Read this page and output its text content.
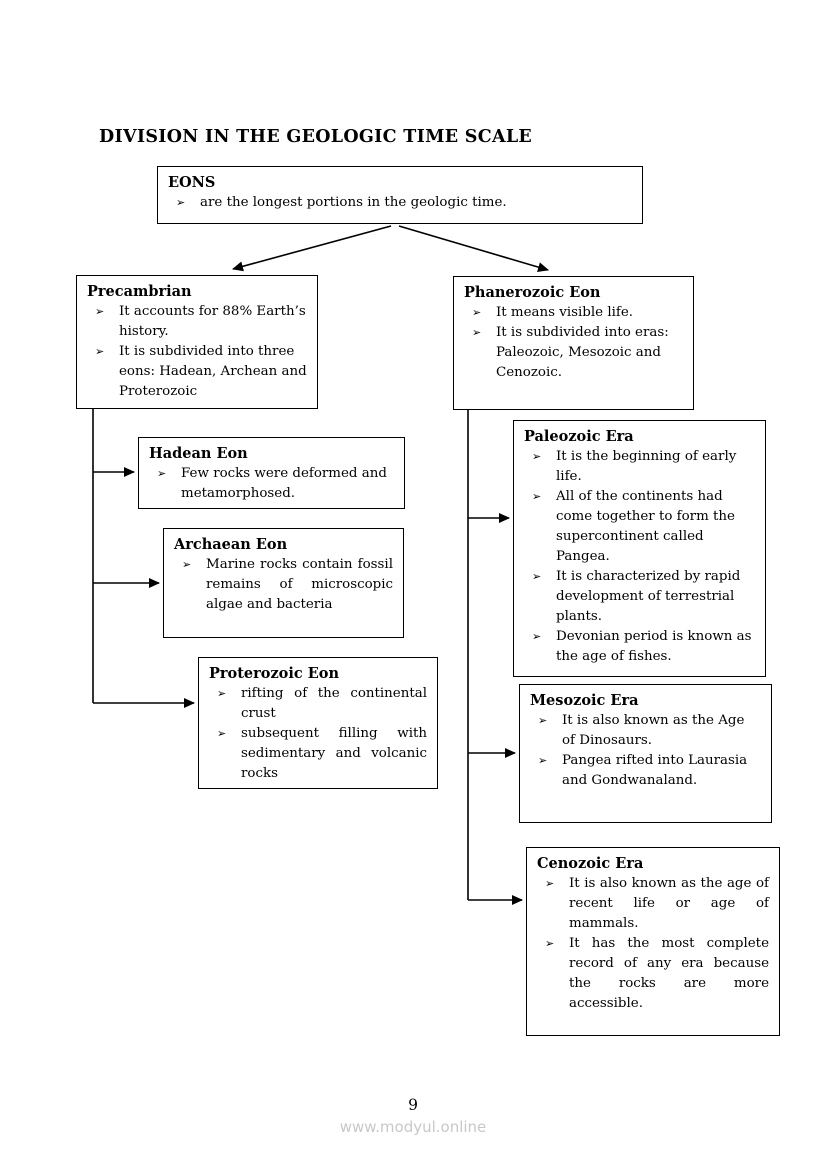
DIVISION IN THE GEOLOGIC TIME SCALE
EONS
➢	are the longest portions in the geologic time.
Precambrian
➢	It accounts for 88% Earth’s history.
➢	It is subdivided into three eons: Hadean, Archean and Proterozoic
Phanerozoic Eon
➢	It means visible life.
➢	It is subdivided into eras: Paleozoic, Mesozoic and Cenozoic.
Hadean Eon
➢	Few rocks were deformed and metamorphosed.
Archaean Eon
➢	Marine rocks contain fossil remains of microscopic algae and bacteria
Proterozoic Eon
➢	rifting of the continental crust
➢	subsequent filling with sedimentary and volcanic rocks
Paleozoic Era
➢	It is the beginning of early life.
➢	All of the continents had come together to form the supercontinent called Pangea.
➢	It is characterized by rapid development of terrestrial plants.
➢	Devonian period is known as the age of fishes.
Mesozoic Era
➢	It is also known as the Age of Dinosaurs.
➢	Pangea rifted into Laurasia and Gondwanaland.
Cenozoic Era
➢	It is also known as the age of recent life or age of mammals.
➢	It has the most complete record of any era because the rocks are more accessible.
9
www.modyul.online
